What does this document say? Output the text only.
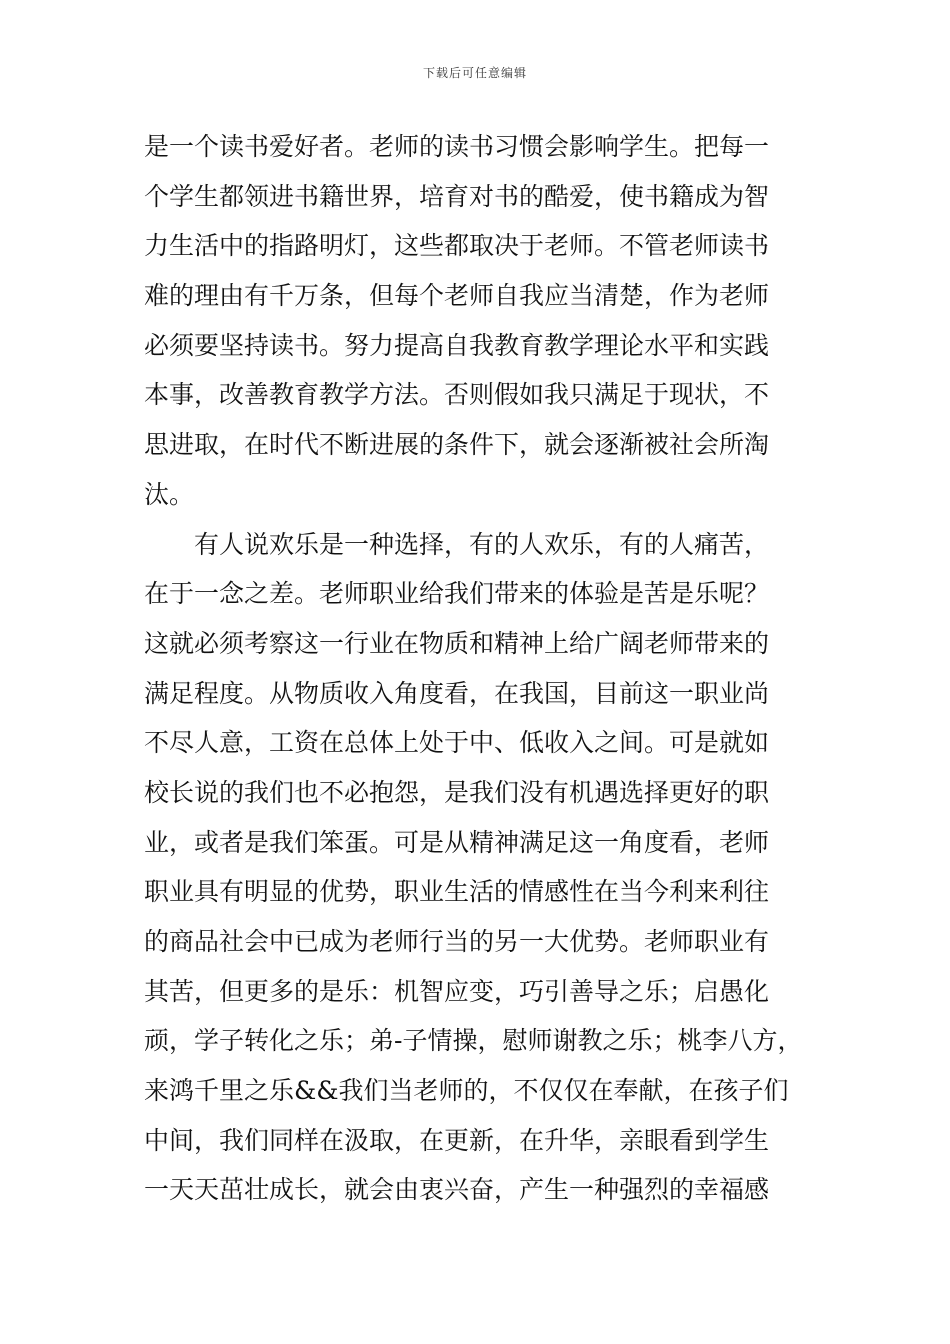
下载后可任意编辑
是一个读书爱好者。老师的读书习惯会影响学生。把每一
个学生都领进书籍世界，培育对书的酷爱，使书籍成为智
力生活中的指路明灯，这些都取决于老师。不管老师读书
难的理由有千万条，但每个老师自我应当清楚，作为老师
必须要坚持读书。努力提高自我教育教学理论水平和实践
本事，改善教育教学方法。否则假如我只满足于现状，不
思进取，在时代不断进展的条件下，就会逐渐被社会所淘
汰。
　　有人说欢乐是一种选择，有的人欢乐，有的人痛苦，
在于一念之差。老师职业给我们带来的体验是苦是乐呢？
这就必须考察这一行业在物质和精神上给广阔老师带来的
满足程度。从物质收入角度看，在我国，目前这一职业尚
不尽人意，工资在总体上处于中、低收入之间。可是就如
校长说的我们也不必抱怨，是我们没有机遇选择更好的职
业，或者是我们笨蛋。可是从精神满足这一角度看，老师
职业具有明显的优势，职业生活的情感性在当今利来利往
的商品社会中已成为老师行当的另一大优势。老师职业有
其苦，但更多的是乐：机智应变，巧引善导之乐；启愚化
顽，学子转化之乐；弟-子情操，慰师谢教之乐；桃李八方，
来鸿千里之乐&&我们当老师的，不仅仅在奉献，在孩子们
中间，我们同样在汲取，在更新，在升华，亲眼看到学生
一天天茁壮成长，就会由衷兴奋，产生一种强烈的幸福感
